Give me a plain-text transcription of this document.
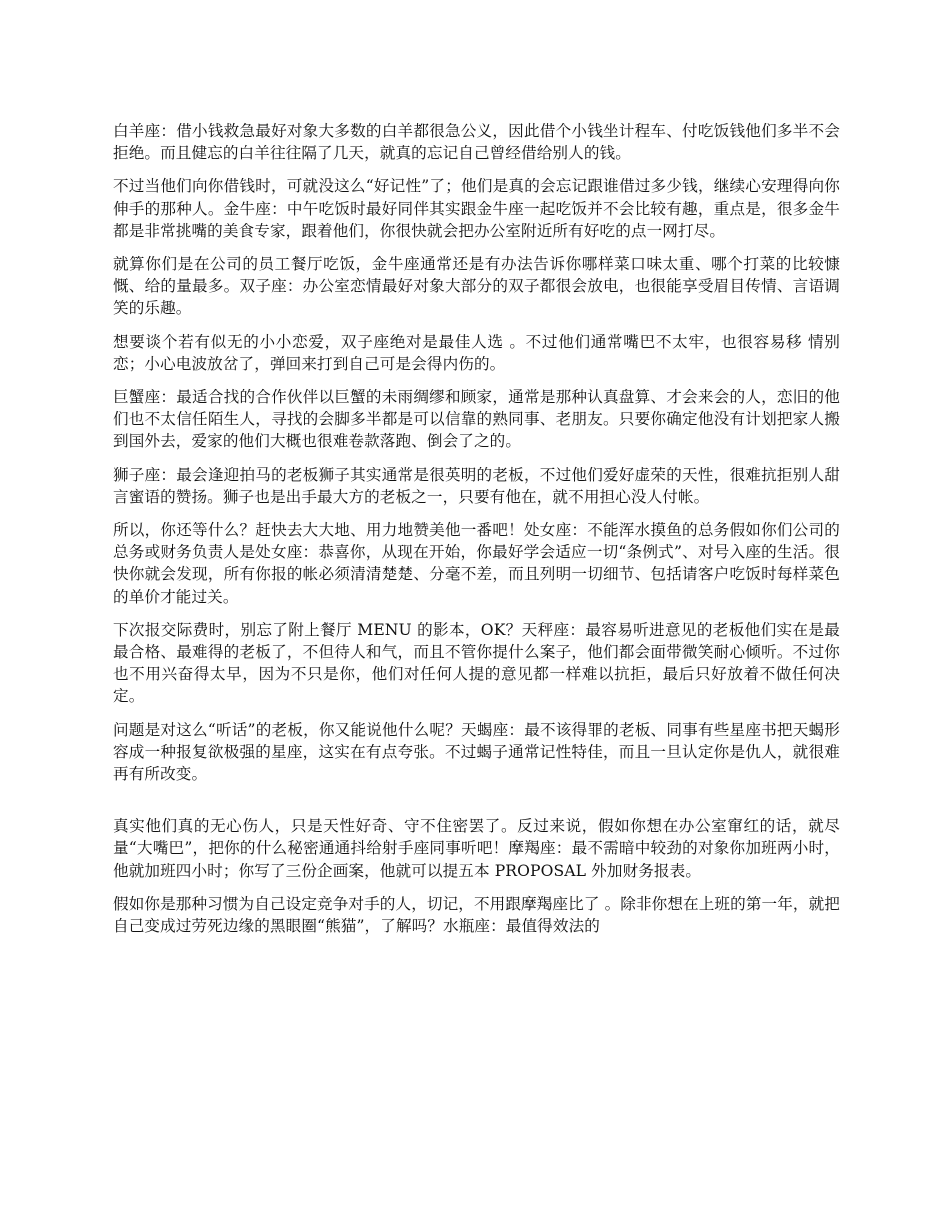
白羊座：借小钱救急最好对象大多数的白羊都很急公义，因此借个小钱坐计程车、付吃饭钱他们多半不会拒绝。而且健忘的白羊往往隔了几天，就真的忘记自己曾经借给别人的钱。

不过当他们向你借钱时，可就没这么“好记性”了；他们是真的会忘记跟谁借过多少钱，继续心安理得向你伸手的那种人。金牛座：中午吃饭时最好同伴其实跟金牛座一起吃饭并不会比较有趣，重点是，很多金牛都是非常挑嘴的美食专家，跟着他们，你很快就会把办公室附近所有好吃的点一网打尽。

就算你们是在公司的员工餐厅吃饭，金牛座通常还是有办法告诉你哪样菜口味太重、哪个打菜的比较慷慨、给的量最多。双子座：办公室恋情最好对象大部分的双子都很会放电，也很能享受眉目传情、言语调笑的乐趣。

想要谈个若有似无的小小恋爱，双子座绝对是最佳人选 。不过他们通常嘴巴不太牢，也很容易移 情别恋；小心电波放岔了，弹回来打到自己可是会得内伤的。

巨蟹座：最适合找的合作伙伴以巨蟹的未雨绸缪和顾家，通常是那种认真盘算、才会来会的人，恋旧的他们也不太信任陌生人，寻找的会脚多半都是可以信靠的熟同事、老朋友。只要你确定他没有计划把家人搬到国外去，爱家的他们大概也很难卷款落跑、倒会了之的。

狮子座：最会逢迎拍马的老板狮子其实通常是很英明的老板，不过他们爱好虚荣的天性，很难抗拒别人甜言蜜语的赞扬。狮子也是出手最大方的老板之一，只要有他在，就不用担心没人付帐。

所以，你还等什么？赶快去大大地、用力地赞美他一番吧！处女座：不能浑水摸鱼的总务假如你们公司的总务或财务负责人是处女座：恭喜你，从现在开始，你最好学会适应一切“条例式”、对号入座的生活。很快你就会发现，所有你报的帐必须清清楚楚、分毫不差，而且列明一切细节、包括请客户吃饭时每样菜色的单价才能过关。

下次报交际费时，别忘了附上餐厅 MENU 的影本，OK？天秤座：最容易听进意见的老板他们实在是最最合格、最难得的老板了，不但待人和气，而且不管你提什么案子，他们都会面带微笑耐心倾听。不过你也不用兴奋得太早，因为不只是你，他们对任何人提的意见都一样难以抗拒，最后只好放着不做任何决定。

问题是对这么“听话”的老板，你又能说他什么呢？天蝎座：最不该得罪的老板、同事有些星座书把天蝎形容成一种报复欲极强的星座，这实在有点夸张。不过蝎子通常记性特佳，而且一旦认定你是仇人，就很难再有所改变。

真实他们真的无心伤人，只是天性好奇、守不住密罢了。反过来说，假如你想在办公室窜红的话，就尽量“大嘴巴”，把你的什么秘密通通抖给射手座同事听吧！摩羯座：最不需暗中较劲的对象你加班两小时，他就加班四小时；你写了三份企画案，他就可以提五本 PROPOSAL 外加财务报表。

假如你是那种习惯为自己设定竞争对手的人，切记，不用跟摩羯座比了 。除非你想在上班的第一年，就把自己变成过劳死边缘的黑眼圈“熊猫”，了解吗？水瓶座：最值得效法的
